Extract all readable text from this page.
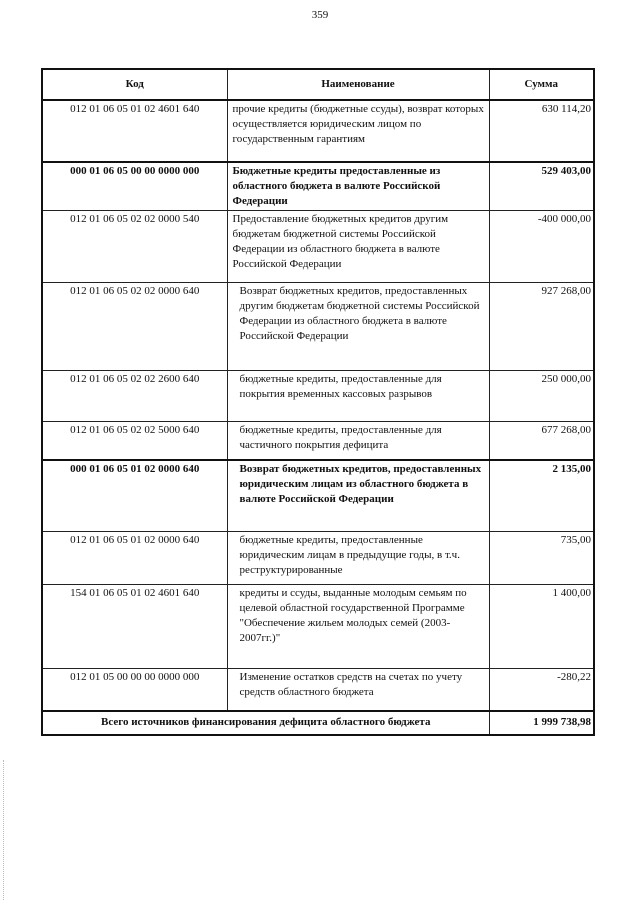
359
Код	Наименование	Сумма
012 01 06 05 01 02 4601 640	прочие кредиты (бюджетные ссуды), возврат которых осуществляется юридическим лицом по государственным гарантиям	630 114,20
000 01 06 05 00 00 0000 000	Бюджетные кредиты предоставленные из областного бюджета в валюте Российской Федерации	529 403,00
012 01 06 05 02 02 0000 540	Предоставление бюджетных кредитов другим бюджетам бюджетной системы Российской Федерации из областного бюджета в валюте Российской Федерации	-400 000,00
012 01 06 05 02 02 0000 640	Возврат бюджетных кредитов, предоставленных другим бюджетам бюджетной системы Российской Федерации из областного бюджета в валюте Российской Федерации	927 268,00
012 01 06 05 02 02 2600 640	бюджетные кредиты, предоставленные для покрытия временных кассовых разрывов	250 000,00
012 01 06 05 02 02 5000 640	бюджетные кредиты, предоставленные для частичного покрытия дефицита	677 268,00
000 01 06 05 01 02 0000 640	Возврат бюджетных кредитов, предоставленных юридическим лицам из областного бюджета в валюте Российской Федерации	2 135,00
012 01 06 05 01 02 0000 640	бюджетные кредиты, предоставленные юридическим лицам в предыдущие годы, в т.ч. реструктурированные	735,00
154 01 06 05 01 02 4601 640	кредиты и ссуды, выданные молодым семьям по целевой областной государственной Программе "Обеспечение жильем молодых семей (2003-2007гг.)"	1 400,00
012 01 05 00 00 00 0000 000	Изменение остатков средств на счетах по учету средств областного бюджета	-280,22
Всего источников финансирования дефицита областного бюджета		1 999 738,98
